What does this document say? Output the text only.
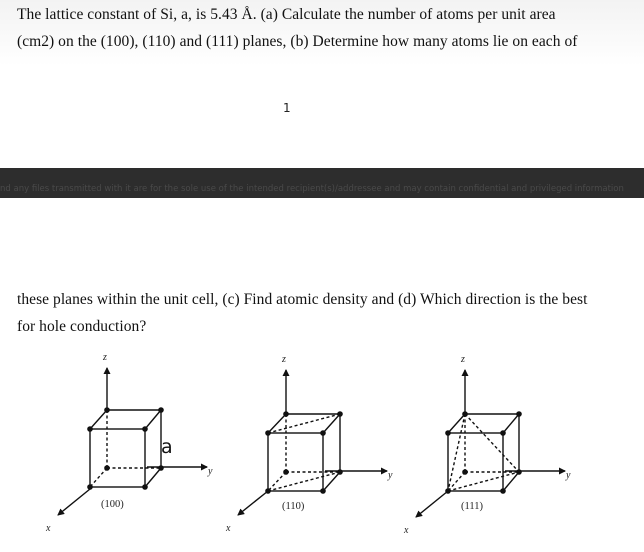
The lattice constant of Si, a, is 5.43 Å. (a) Calculate the number of atoms per unit area
(cm2) on the (100), (110) and (111) planes, (b) Determine how many atoms lie on each of
1
nd any files transmitted with it are for the sole use of the intended recipient(s)/addressee and may contain confidential and privileged information
these planes within the unit cell, (c) Find atomic density and (d) Which direction is the best
for hole conduction?
z
y
x
a
(100)
z
y
x
(110)
z
y
x
(111)
